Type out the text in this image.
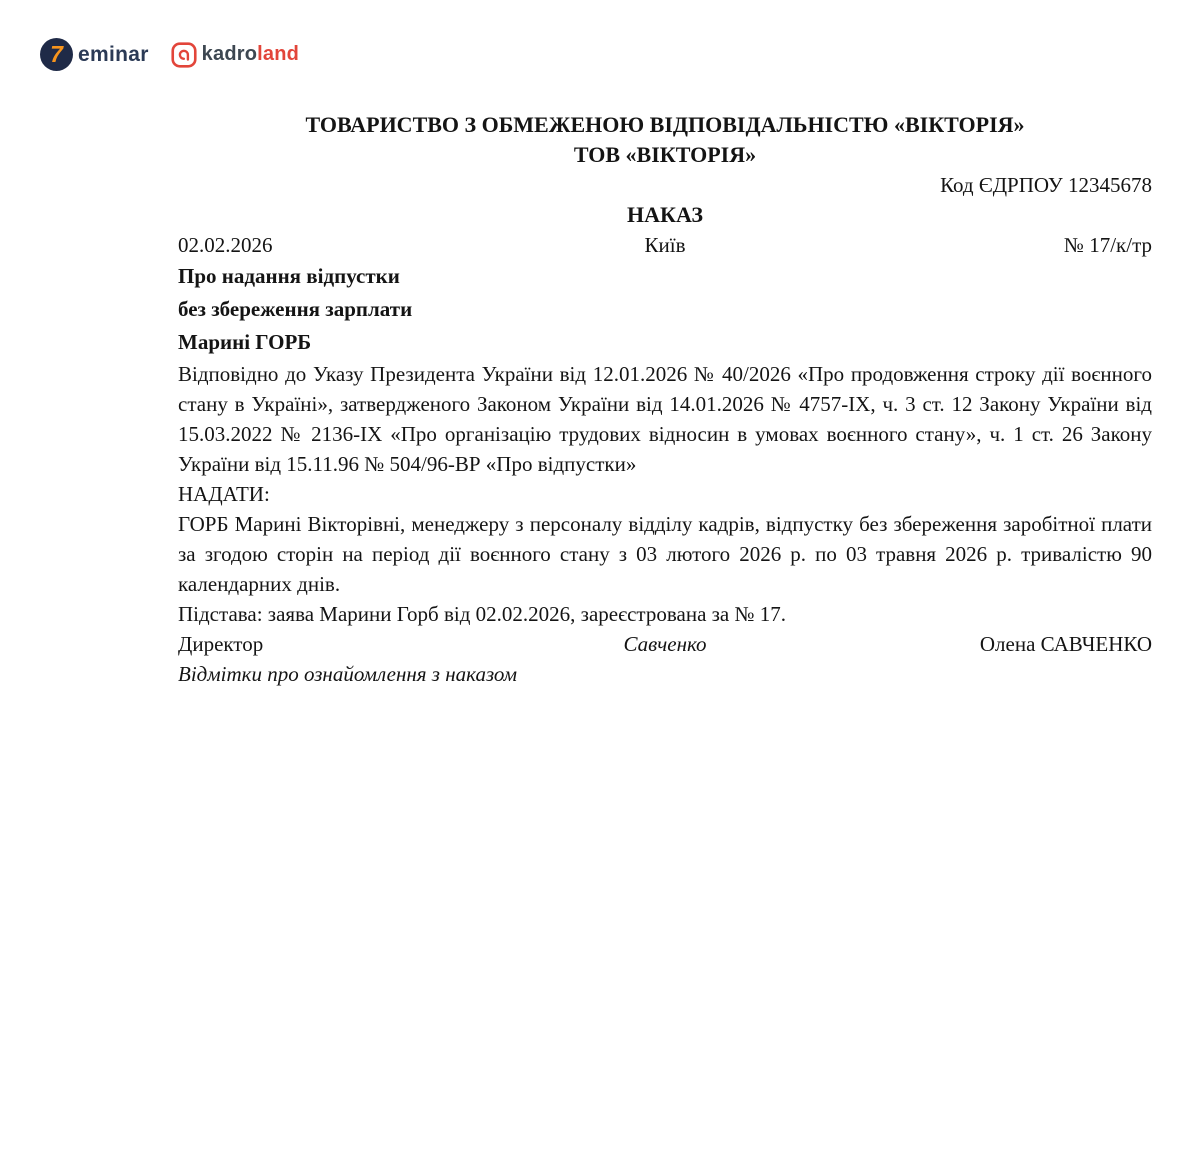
7 eminar	kadroland
ТОВАРИСТВО З ОБМЕЖЕНОЮ ВІДПОВІДАЛЬНІСТЮ «ВІКТОРІЯ»
ТОВ «ВІКТОРІЯ»
Код ЄДРПОУ 12345678
НАКАЗ
02.02.2026	Київ	№ 17/к/тр
Про надання відпустки
без збереження зарплати
Марині ГОРБ

Відповідно до Указу Президента України від 12.01.2026 № 40/2026 «Про продовження строку дії воєнного стану в Україні», затвердженого Законом України від 14.01.2026 № 4757-IX, ч. 3 ст. 12 Закону України від 15.03.2022 № 2136-IX «Про організацію трудових відносин в умовах воєнного стану», ч. 1 ст. 26 Закону України від 15.11.96 № 504/96-ВР «Про відпустки»

НАДАТИ:

ГОРБ Марині Вікторівні, менеджеру з персоналу відділу кадрів, відпустку без збереження заробітної плати за згодою сторін на період дії воєнного стану з 03 лютого 2026 р. по 03 травня 2026 р. тривалістю 90 календарних днів.

Підстава: заява Марини Горб від 02.02.2026, зареєстрована за № 17.

Директор	Савченко	Олена САВЧЕНКО

Відмітки про ознайомлення з наказом
